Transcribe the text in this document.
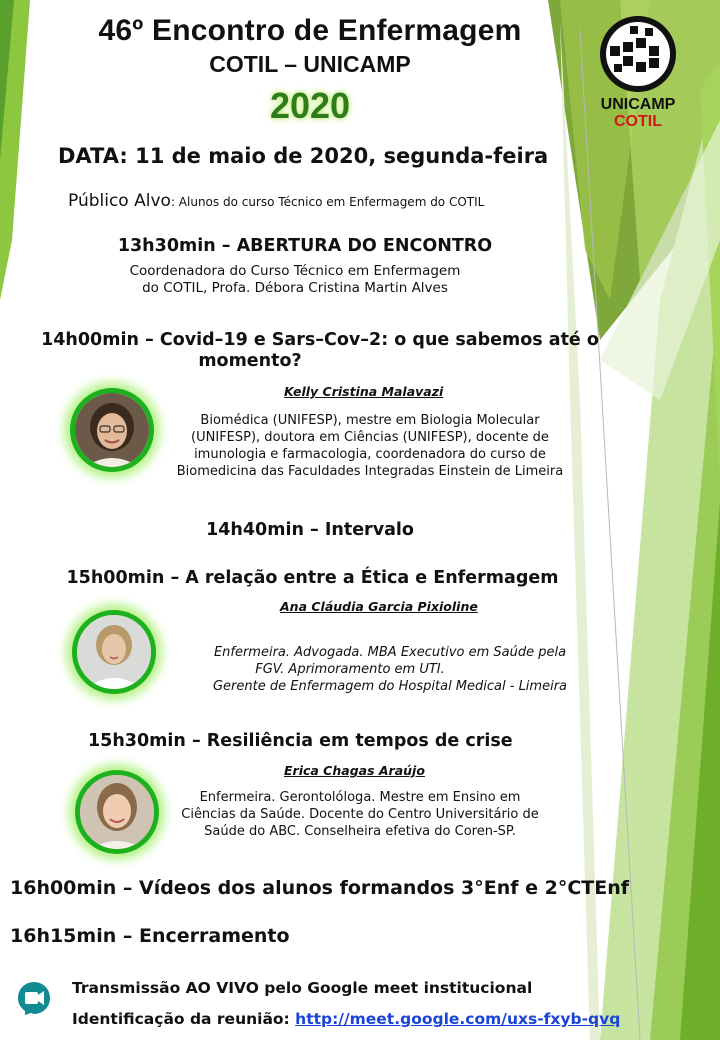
UNICAMP
COTIL
46º Encontro de Enfermagem
COTIL – UNICAMP
2020
DATA: 11 de maio de 2020, segunda-feira
Público Alvo: Alunos do curso Técnico em Enfermagem do COTIL
13h30min – ABERTURA DO ENCONTRO
Coordenadora do Curso Técnico em Enfermagem
do COTIL, Profa. Débora Cristina Martin Alves
14h00min – Covid–19 e Sars–Cov–2: o que sabemos até o
momento?
Kelly Cristina Malavazi
Biomédica (UNIFESP), mestre em Biologia Molecular
(UNIFESP), doutora em Ciências (UNIFESP), docente de
imunologia e farmacologia, coordenadora do curso de
Biomedicina das Faculdades Integradas Einstein de Limeira
14h40min – Intervalo
15h00min – A relação entre a Ética e Enfermagem
Ana Cláudia Garcia Pixioline
Enfermeira. Advogada. MBA Executivo em Saúde pela
FGV. Aprimoramento em UTI.
Gerente de Enfermagem do Hospital Medical - Limeira
15h30min – Resiliência em tempos de crise
Erica Chagas Araújo
Enfermeira. Gerontolóloga. Mestre em Ensino em
Ciências da Saúde. Docente do Centro Universitário de
Saúde do ABC. Conselheira efetiva do Coren-SP.
16h00min – Vídeos dos alunos formandos 3°Enf e 2°CTEnf
16h15min – Encerramento
Transmissão AO VIVO pelo Google meet institucional
Identificação da reunião: http://meet.google.com/uxs-fxyb-qvq
